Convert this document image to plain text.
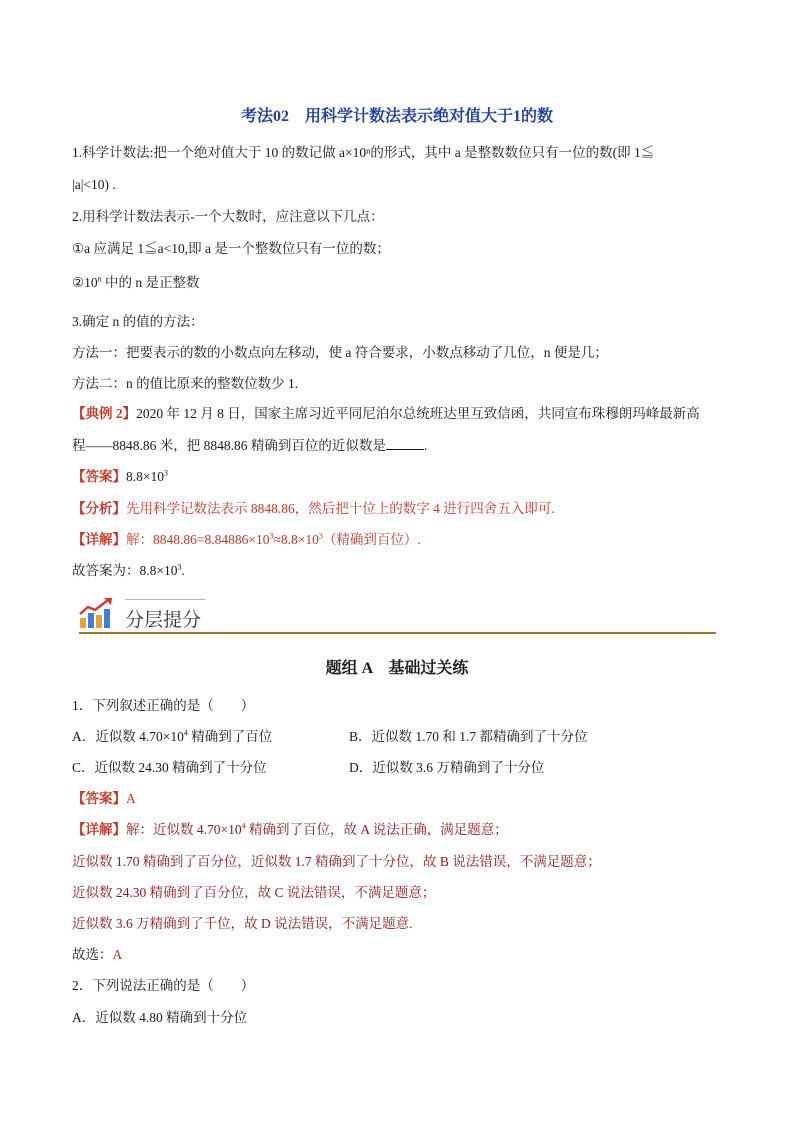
考法02　用科学计数法表示绝对值大于1的数
1.科学计数法:把一个绝对值大于 10 的数记做 a×10ⁿ的形式，其中 a 是整数数位只有一位的数(即 1≦
|a|<10) .
2.用科学计数法表示-一个大数时，应注意以下几点：
①a 应满足 1≦a<10,即 a 是一个整数位只有一位的数；
②10$^n$ 中的 n 是正整数
3.确定 n 的值的方法：
方法一：把要表示的数的小数点向左移动，使 a 符合要求，小数点移动了几位，n 便是几；
方法二：n 的值比原来的整数位数少 1.
【典例 2】2020 年 12 月 8 日，国家主席习近平同尼泊尔总统班达里互致信函，共同宣布珠穆朗玛峰最新高
程——8848.86 米，把 8848.86 精确到百位的近似数是	.
【答案】$8.8\times 10^3$
【分析】先用科学记数法表示 8848.86，然后把十位上的数字 4 进行四舍五入即可.
【详解】解：$8848.86=8.84886\times 10^3\approx 8.8\times 10^3$（精确到百位）.
故答案为：$8.8\times 10^3$.
分层提分
题组 A　基础过关练
1．下列叙述正确的是（　　）
A．近似数 $4.70\times 10^4$ 精确到了百位	B．近似数 1.70 和 1.7 都精确到了十分位
C．近似数 24.30 精确到了十分位	D．近似数 3.6 万精确到了十分位
【答案】A
【详解】解：近似数 $4.70\times 10^4$ 精确到了百位，故 A 说法正确，满足题意；
近似数 1.70 精确到了百分位，近似数 1.7 精确到了十分位，故 B 说法错误，不满足题意；
近似数 24.30 精确到了百分位，故 C 说法错误，不满足题意；
近似数 3.6 万精确到了千位，故 D 说法错误，不满足题意.
故选：A
2．下列说法正确的是（　　）
A．近似数 4.80 精确到十分位
